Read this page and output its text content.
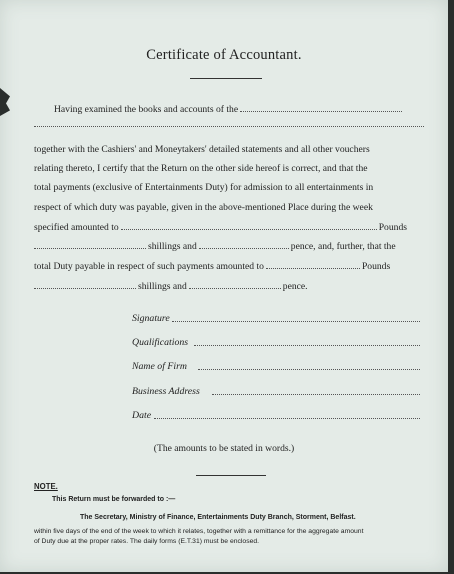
Certificate of Accountant.
Having examined the books and accounts of the
together with the Cashiers' and Moneytakers' detailed statements and all other vouchers
relating thereto, I certify that the Return on the other side hereof is correct, and that the
total payments (exclusive of Entertainments Duty) for admission to all entertainments in
respect of which duty was payable, given in the above-mentioned Place during the week
specified amounted to	Pounds
shillings and	pence, and, further, that the
total Duty payable in respect of such payments amounted to	Pounds
shillings and	pence.
Signature
Qualifications
Name of Firm
Business Address
Date
(The amounts to be stated in words.)
NOTE.
This Return must be forwarded to :—
The Secretary, Ministry of Finance, Entertainments Duty Branch, Storment, Belfast.
within five days of the end of the week to which it relates, together with a remittance for the aggregate amount
of Duty due at the proper rates. The daily forms (E.T.31) must be enclosed.
